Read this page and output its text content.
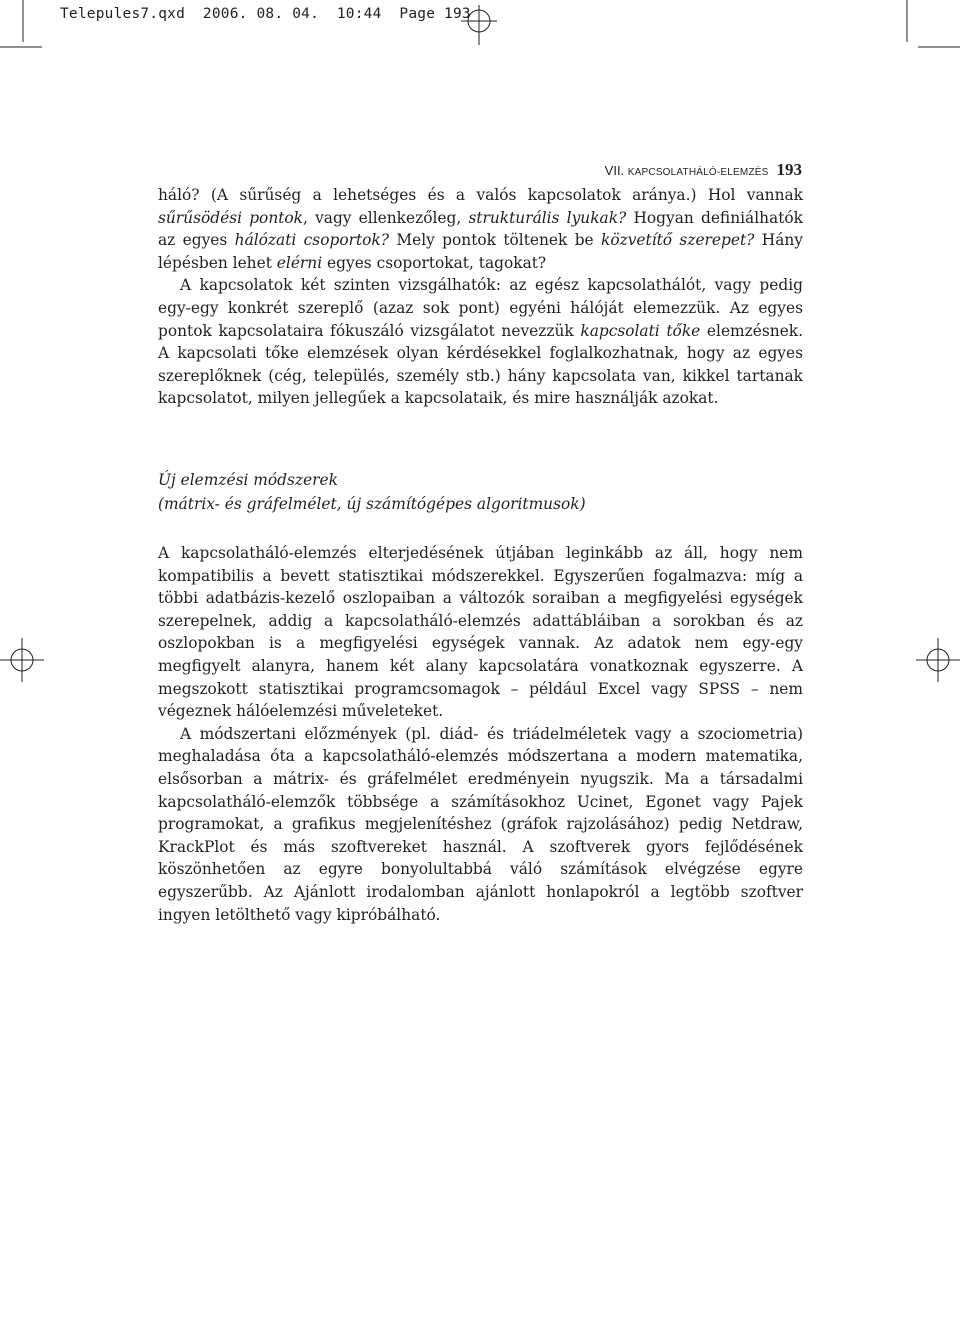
Telepules7.qxd 2006. 08. 04. 10:44 Page 193
VII. KAPCSOLATHÁLÓ-ELEMZÉS 193

háló? (A sűrűség a lehetséges és a valós kapcsolatok aránya.) Hol vannak sűrűsödési pontok, vagy ellenkezőleg, strukturális lyukak? Hogyan definiálhatók az egyes hálózati csoportok? Mely pontok töltenek be közvetítő szerepet? Hány lépésben lehet elérni egyes csoportokat, tagokat?

A kapcsolatok két szinten vizsgálhatók: az egész kapcsolathálót, vagy pedig egy-egy konkrét szereplő (azaz sok pont) egyéni hálóját elemezzük. Az egyes pontok kapcsolataira fókuszáló vizsgálatot nevezzük kapcsolati tőke elemzésnek. A kapcsolati tőke elemzések olyan kérdésekkel foglalkozhatnak, hogy az egyes szereplőknek (cég, település, személy stb.) hány kapcsolata van, kikkel tartanak kapcsolatot, milyen jellegűek a kapcsolataik, és mire használják azokat.

Új elemzési módszerek
(mátrix- és gráfelmélet, új számítógépes algoritmusok)

A kapcsolatháló-elemzés elterjedésének útjában leginkább az áll, hogy nem kompatibilis a bevett statisztikai módszerekkel. Egyszerűen fogalmazva: míg a többi adatbázis-kezelő oszlopaiban a változók soraiban a megfigyelési egységek szerepelnek, addig a kapcsolatháló-elemzés adattábláiban a sorokban és az oszlopokban is a megfigyelési egységek vannak. Az adatok nem egy-egy megfigyelt alanyra, hanem két alany kapcsolatára vonatkoznak egyszerre. A megszokott statisztikai programcsomagok – például Excel vagy SPSS – nem végeznek hálóelemzési műveleteket.

A módszertani előzmények (pl. diád- és triádelméletek vagy a szociometria) meghaladása óta a kapcsolatháló-elemzés módszertana a modern matematika, elsősorban a mátrix- és gráfelmélet eredményein nyugszik. Ma a társadalmi kapcsolatháló-elemzők többsége a számításokhoz Ucinet, Egonet vagy Pajek programokat, a grafikus megjelenítéshez (gráfok rajzolásához) pedig Netdraw, KrackPlot és más szoftvereket használ. A szoftverek gyors fejlődésének köszönhetően az egyre bonyolultabbá váló számítások elvégzése egyre egyszerűbb. Az Ajánlott irodalomban ajánlott honlapokról a legtöbb szoftver ingyen letölthető vagy kipróbálható.
